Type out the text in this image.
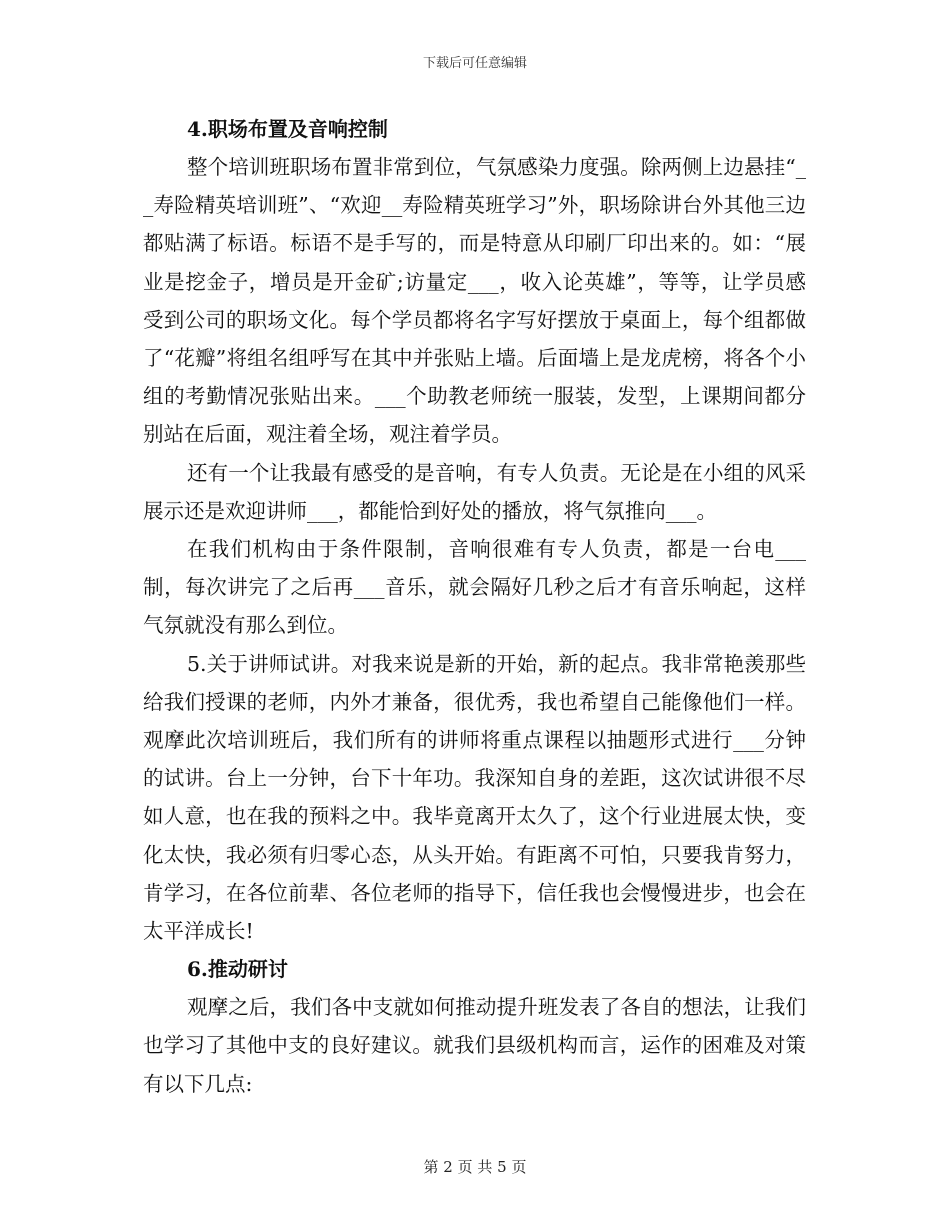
下载后可任意编辑
4.职场布置及音响控制

整个培训班职场布置非常到位，气氛感染力度强。除两侧上边悬挂“__寿险精英培训班”、“欢迎__寿险精英班学习”外，职场除讲台外其他三边都贴满了标语。标语不是手写的，而是特意从印刷厂印出来的。如：“展业是挖金子，增员是开金矿;访量定___，收入论英雄”，等等，让学员感受到公司的职场文化。每个学员都将名字写好摆放于桌面上，每个组都做了“花瓣”将组名组呼写在其中并张贴上墙。后面墙上是龙虎榜，将各个小组的考勤情况张贴出来。___个助教老师统一服装，发型，上课期间都分别站在后面，观注着全场，观注着学员。

还有一个让我最有感受的是音响，有专人负责。无论是在小组的风采展示还是欢迎讲师___，都能恰到好处的播放，将气氛推向___。

在我们机构由于条件限制，音响很难有专人负责，都是一台电___制，每次讲完了之后再___音乐，就会隔好几秒之后才有音乐响起，这样气氛就没有那么到位。

5.关于讲师试讲。对我来说是新的开始，新的起点。我非常艳羡那些给我们授课的老师，内外才兼备，很优秀，我也希望自己能像他们一样。观摩此次培训班后，我们所有的讲师将重点课程以抽题形式进行___分钟的试讲。台上一分钟，台下十年功。我深知自身的差距，这次试讲很不尽如人意，也在我的预料之中。我毕竟离开太久了，这个行业进展太快，变化太快，我必须有归零心态，从头开始。有距离不可怕，只要我肯努力，肯学习，在各位前辈、各位老师的指导下，信任我也会慢慢进步，也会在太平洋成长!

6.推动研讨

观摩之后，我们各中支就如何推动提升班发表了各自的想法，让我们也学习了其他中支的良好建议。就我们县级机构而言，运作的困难及对策有以下几点:

第 2 页 共 5 页
